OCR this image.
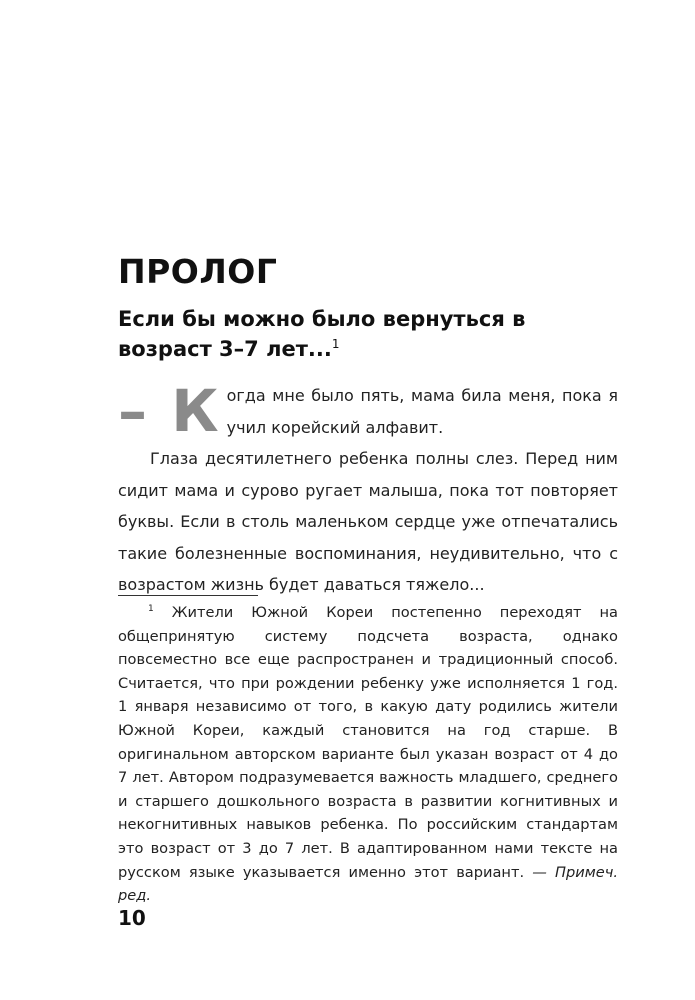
ПРОЛОГ
Если бы можно было вернуться в возраст 3–7 лет...$^1$

– К огда мне было пять, мама била меня, пока я учил корейский алфавит.

Глаза десятилетнего ребенка полны слез. Перед ним сидит мама и сурово ругает малыша, пока тот повторяет буквы. Если в столь маленьком сердце уже отпечатались такие болезненные воспоминания, неудивительно, что с возрастом жизнь будет даваться тяжело...

$^1$ Жители Южной Кореи постепенно переходят на общепринятую систему подсчета возраста, однако повсеместно все еще распространен и традиционный способ. Считается, что при рождении ребенку уже исполняется 1 год. 1 января независимо от того, в какую дату родились жители Южной Кореи, каждый становится на год старше. В оригинальном авторском варианте был указан возраст от 4 до 7 лет. Автором подразумевается важность младшего, среднего и старшего дошкольного возраста в развитии когнитивных и некогнитивных навыков ребенка. По российским стандартам это возраст от 3 до 7 лет. В адаптированном нами тексте на русском языке указывается именно этот вариант. — Примеч. ред.

10
